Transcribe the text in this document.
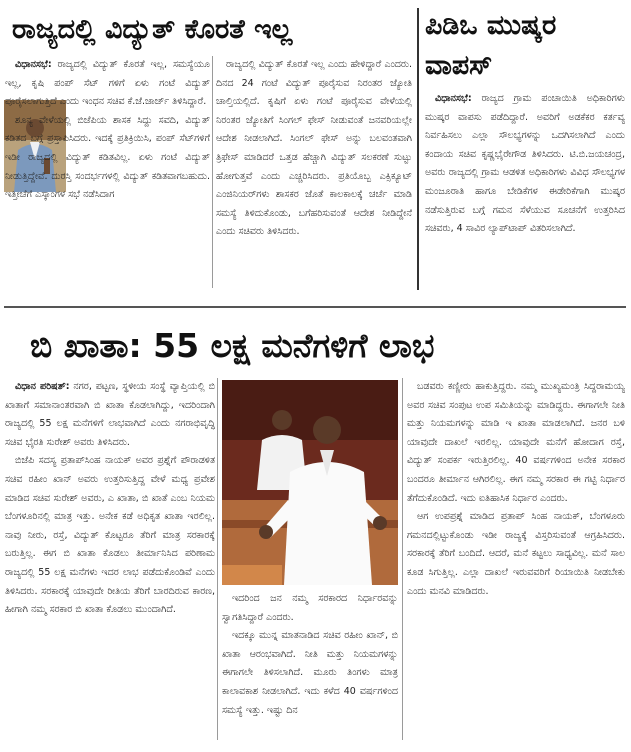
ರಾಜ್ಯದಲ್ಲಿ ವಿದ್ಯುತ್ ಕೊರತೆ ಇಲ್ಲ

ವಿಧಾನಸಭೆ: ರಾಜ್ಯದಲ್ಲಿ ವಿದ್ಯುತ್ ಕೊರತೆ ಇಲ್ಲ, ಸಮಸ್ಯೆಯೂ ಇಲ್ಲ, ಕೃಷಿ ಪಂಪ್ ಸೆಟ್ ಗಳಿಗೆ ಏಳು ಗಂಟೆ ವಿದ್ಯುತ್ ಪೂರೈಸಲಾಗುತ್ತಿದೆ ಎಂದು ಇಂಧನ ಸಚಿವ ಕೆ.ಜೆ.ಜಾರ್ಜ್ ತಿಳಿಸಿದ್ದಾರೆ.

ಶೂನ್ಯ ವೇಳೆಯಲ್ಲಿ ಬಿಜೆಪಿಯ ಶಾಸಕ ಸಿದ್ದು ಸವದಿ, ವಿದ್ಯುತ್ ಕಡಿತದ ಬಗ್ಗೆ ಪ್ರಸ್ತಾಪಿಸಿದರು. ಇದಕ್ಕೆ ಪ್ರತಿಕ್ರಿಯಿಸಿ, ಪಂಪ್ ಸೆಟ್‌ಗಳಿಗೆ ಇಡೀ ರಾಜ್ಯದಲ್ಲಿ ವಿದ್ಯುತ್ ಕಡಿತವಿಲ್ಲ. ಏಳು ಗಂಟೆ ವಿದ್ಯುತ್ ನೀಡುತ್ತಿದ್ದೇವೆ. ದುರಸ್ತಿ ಸಂದರ್ಭಗಳಲ್ಲಿ ವಿದ್ಯುತ್ ಕಡಿತವಾಗಬಹುದು. ಇತ್ತೀಚೆಗೆ ಎಸ್ಕಾಂಗಳ ಸಭೆ ನಡೆಸಿದಾಗ

ರಾಜ್ಯದಲ್ಲಿ ವಿದ್ಯುತ್ ಕೊರತೆ ಇಲ್ಲ ಎಂದು ಹೇಳಿದ್ದಾರೆ ಎಂದರು. ದಿನದ 24 ಗಂಟೆ ವಿದ್ಯುತ್ ಪೂರೈಸುವ ನಿರಂತರ ಜ್ಯೋತಿ ಚಾಲ್ತಿಯಲ್ಲಿದೆ. ಕೃಷಿಗೆ ಏಳು ಗಂಟೆ ಪೂರೈಸುವ ವೇಳೆಯಲ್ಲಿ ನಿರಂತರ ಜ್ಯೋತಿಗೆ ಸಿಂಗಲ್ ಫೇಸ್ ನೀಡುವಂತೆ ಜನವರಿಯಲ್ಲೇ ಆದೇಶ ನೀಡಲಾಗಿದೆ. ಸಿಂಗಲ್ ಫೇಸ್ ಅನ್ನು ಬಲವಂತವಾಗಿ ತ್ರಿಫೇಸ್ ಮಾಡಿದರೆ ಒತ್ತಡ ಹೆಚ್ಚಾಗಿ ವಿದ್ಯುತ್ ಸಲಕರಣೆ ಸುಟ್ಟು ಹೋಗುತ್ತವೆ ಎಂದು ಎಚ್ಚರಿಸಿದರು. ಪ್ರತಿಯೊಬ್ಬ ಎಕ್ಸಿಕ್ಯೂಟ್ ಎಂಜಿನಿಯರ್‌ಗಳು ಶಾಸಕರ ಜೊತೆ ಕಾಲಕಾಲಕ್ಕೆ ಚರ್ಚೆ ಮಾಡಿ ಸಮಸ್ಯೆ ತಿಳಿದುಕೊಂಡು, ಬಗೆಹರಿಸುವಂತೆ ಆದೇಶ ನೀಡಿದ್ದೇನೆ ಎಂದು ಸಚಿವರು ತಿಳಿಸಿದರು.

ಪಿಡಿಒ ಮುಷ್ಕರ
ವಾಪಸ್

ವಿಧಾನಸಭೆ: ರಾಜ್ಯದ ಗ್ರಾಮ ಪಂಚಾಯಿತಿ ಅಧಿಕಾರಿಗಳು ಮುಷ್ಕರ ವಾಪಸು ಪಡೆದಿದ್ದಾರೆ. ಅವರಿಗೆ ಅಡಕೆಕರ ಕರ್ತವ್ಯ ನಿರ್ವಹಿಸಲು ಎಲ್ಲಾ ಸೌಲಭ್ಯಗಳನ್ನು ಒದಗಿಸಲಾಗಿದೆ ಎಂದು ಕಂದಾಯ ಸಚಿವ ಕೃಷ್ಣಭೈರೇಗೌಡ ತಿಳಿಸಿದರು. ಟಿ.ಬಿ.ಜಯಚಂದ್ರ, ಅವರು ರಾಜ್ಯದಲ್ಲಿ ಗ್ರಾಮ ಆಡಳಿತ ಅಧಿಕಾರಿಗಳು ವಿವಿಧ ಸೌಲಭ್ಯಗಳ ಮಂಜೂರಾತಿ ಹಾಗೂ ಬೇಡಿಕೆಗಳ ಈಡೇರಿಕೆಗಾಗಿ ಮುಷ್ಕರ ನಡೆಸುತ್ತಿರುವ ಬಗ್ಗೆ ಗಮನ ಸೆಳೆಯುವ ಸೂಚನೆಗೆ ಉತ್ತರಿಸಿದ ಸಚಿವರು, 4 ಸಾವಿರ ಲ್ಯಾಪ್‌ಟಾಪ್ ವಿತರಿಸಲಾಗಿದೆ.

ಬಿ ಖಾತಾ: 55 ಲಕ್ಷ ಮನೆಗಳಿಗೆ ಲಾಭ

ವಿಧಾನ ಪರಿಷತ್: ನಗರ, ಪಟ್ಟಣ, ಸ್ಥಳೀಯ ಸಂಸ್ಥೆ ವ್ಯಾಪ್ತಿಯಲ್ಲಿ ಬಿ ಖಾತಾಗೆ ಸಮಾನಾಂತರವಾಗಿ ಬಿ ಖಾತಾ ಕೊಡಲಾಗಿದ್ದು, ಇದರಿಂದಾಗಿ ರಾಜ್ಯದಲ್ಲಿ 55 ಲಕ್ಷ ಮನೆಗಳಿಗೆ ಲಾಭವಾಗಿದೆ ಎಂದು ನಗರಾಭಿವೃದ್ಧಿ ಸಚಿವ ಭೈರತಿ ಸುರೇಶ್ ಅವರು ತಿಳಿಸಿದರು.

ಬಿಜೆಪಿ ಸದಸ್ಯ ಪ್ರತಾಪ್‌ಸಿಂಹ ನಾಯಕ್ ಅವರ ಪ್ರಶ್ನೆಗೆ ಪೌರಾಡಳಿತ ಸಚಿವ ರಹೀಂ ಖಾನ್ ಅವರು ಉತ್ತರಿಸುತ್ತಿದ್ದ ವೇಳೆ ಮಧ್ಯ ಪ್ರವೇಶ ಮಾಡಿದ ಸಚಿವ ಸುರೇಶ್ ಅವರು, ಎ ಖಾತಾ, ಬಿ ಖಾತೆ ಎಂಬ ನಿಯಮ ಬೆಂಗಳೂರಿನಲ್ಲಿ ಮಾತ್ರ ಇತ್ತು. ಅನೇಕ ಕಡೆ ಅಧಿಕೃತ ಖಾತಾ ಇರಲಿಲ್ಲ. ನಾವು ನೀರು, ರಸ್ತೆ, ವಿದ್ಯುತ್ ಕೊಟ್ಟರೂ ತೆರಿಗೆ ಮಾತ್ರ ಸರಕಾರಕ್ಕೆ ಬರುತ್ತಿಲ್ಲ. ಈಗ ಬಿ ಖಾತಾ ಕೊಡಲು ತೀರ್ಮಾನಿಸಿದ ಪರಿಣಾಮ ರಾಜ್ಯದಲ್ಲಿ 55 ಲಕ್ಷ ಮನೆಗಳು ಇದರ ಲಾಭ ಪಡೆದುಕೊಂಡಿವೆ ಎಂದು ತಿಳಿಸಿದರು. ಸರಕಾರಕ್ಕೆ ಯಾವುದೇ ರೀತಿಯ ತೆರಿಗೆ ಬಾರದಿರುವ ಕಾರಣ, ಹೀಗಾಗಿ ನಮ್ಮ ಸರಕಾರ ಬಿ ಖಾತಾ ಕೊಡಲು ಮುಂದಾಗಿದೆ.

ಇದರಿಂದ ಜನ ನಮ್ಮ ಸರಕಾರದ ನಿರ್ಧಾರವನ್ನು ಸ್ವಾಗತಿಸಿದ್ದಾರೆ ಎಂದರು.

ಇದಕ್ಕೂ ಮುನ್ನ ಮಾತನಾಡಿದ ಸಚಿವ ರಹೀಂ ಖಾನ್, ಬಿ ಖಾತಾ ಆರಂಭವಾಗಿದೆ. ನೀತಿ ಮತ್ತು ನಿಯಮಗಳನ್ನು ಈಗಾಗಲೇ ತಿಳಿಸಲಾಗಿದೆ. ಮೂರು ತಿಂಗಳು ಮಾತ್ರ ಕಾಲಾವಕಾಶ ನೀಡಲಾಗಿದೆ. ಇದು ಕಳೆದ 40 ವರ್ಷಗಳಿಂದ ಸಮಸ್ಯೆ ಇತ್ತು. ಇಷ್ಟು ದಿನ

ಬಡವರು ಕಣ್ಣೀರು ಹಾಕುತ್ತಿದ್ದರು. ನಮ್ಮ ಮುಖ್ಯಮಂತ್ರಿ ಸಿದ್ದರಾಮಯ್ಯ ಅವರ ಸಚಿವ ಸಂಪುಟ ಉಪ ಸಮಿತಿಯನ್ನು ಮಾಡಿದ್ದರು. ಈಗಾಗಲೇ ನೀತಿ ಮತ್ತು ನಿಯಮಗಳನ್ನು ಮಾಡಿ ಇ ಖಾತಾ ಮಾಡಲಾಗಿದೆ. ಜನರ ಬಳಿ ಯಾವುದೇ ದಾಖಲೆ ಇರಲಿಲ್ಲ. ಯಾವುದೇ ಮನೆಗೆ ಹೋದಾಗ ರಸ್ತೆ, ವಿದ್ಯುತ್ ಸಂಪರ್ಕ ಇರುತ್ತಿರಲಿಲ್ಲ. 40 ವರ್ಷಗಳಿಂದ ಅನೇಕ ಸರಕಾರ ಬಂದರೂ ತೀರ್ಮಾನ ಆಗಿರಲಿಲ್ಲ. ಈಗ ನಮ್ಮ ಸರಕಾರ ಈ ಗಟ್ಟಿ ನಿರ್ಧಾರ ತೆಗೆದುಕೊಂಡಿದೆ. ಇದು ಐತಿಹಾಸಿಕ ನಿರ್ಧಾರ ಎಂದರು.

ಆಗ ಉಪಪ್ರಶ್ನೆ ಮಾಡಿದ ಪ್ರತಾಪ್ ಸಿಂಹ ನಾಯಕ್, ಬೆಂಗಳೂರು ಗಮನದಲ್ಲಿಟ್ಟುಕೊಂಡು ಇಡೀ ರಾಜ್ಯಕ್ಕೆ ವಿಸ್ತರಿಸುವಂತೆ ಆಗ್ರಹಿಸಿದರು. ಸರಕಾರಕ್ಕೆ ತೆರಿಗೆ ಬಂದಿದೆ. ಆದರೆ, ಮನೆ ಕಟ್ಟಲು ಸಾಧ್ಯವಿಲ್ಲ. ಮನೆ ಸಾಲ ಕೂಡ ಸಿಗುತ್ತಿಲ್ಲ. ಎಲ್ಲಾ ದಾಖಲೆ ಇರುವವರಿಗೆ ರಿಯಾಯಿತಿ ನೀಡಬೇಕು ಎಂದು ಮನವಿ ಮಾಡಿದರು.
